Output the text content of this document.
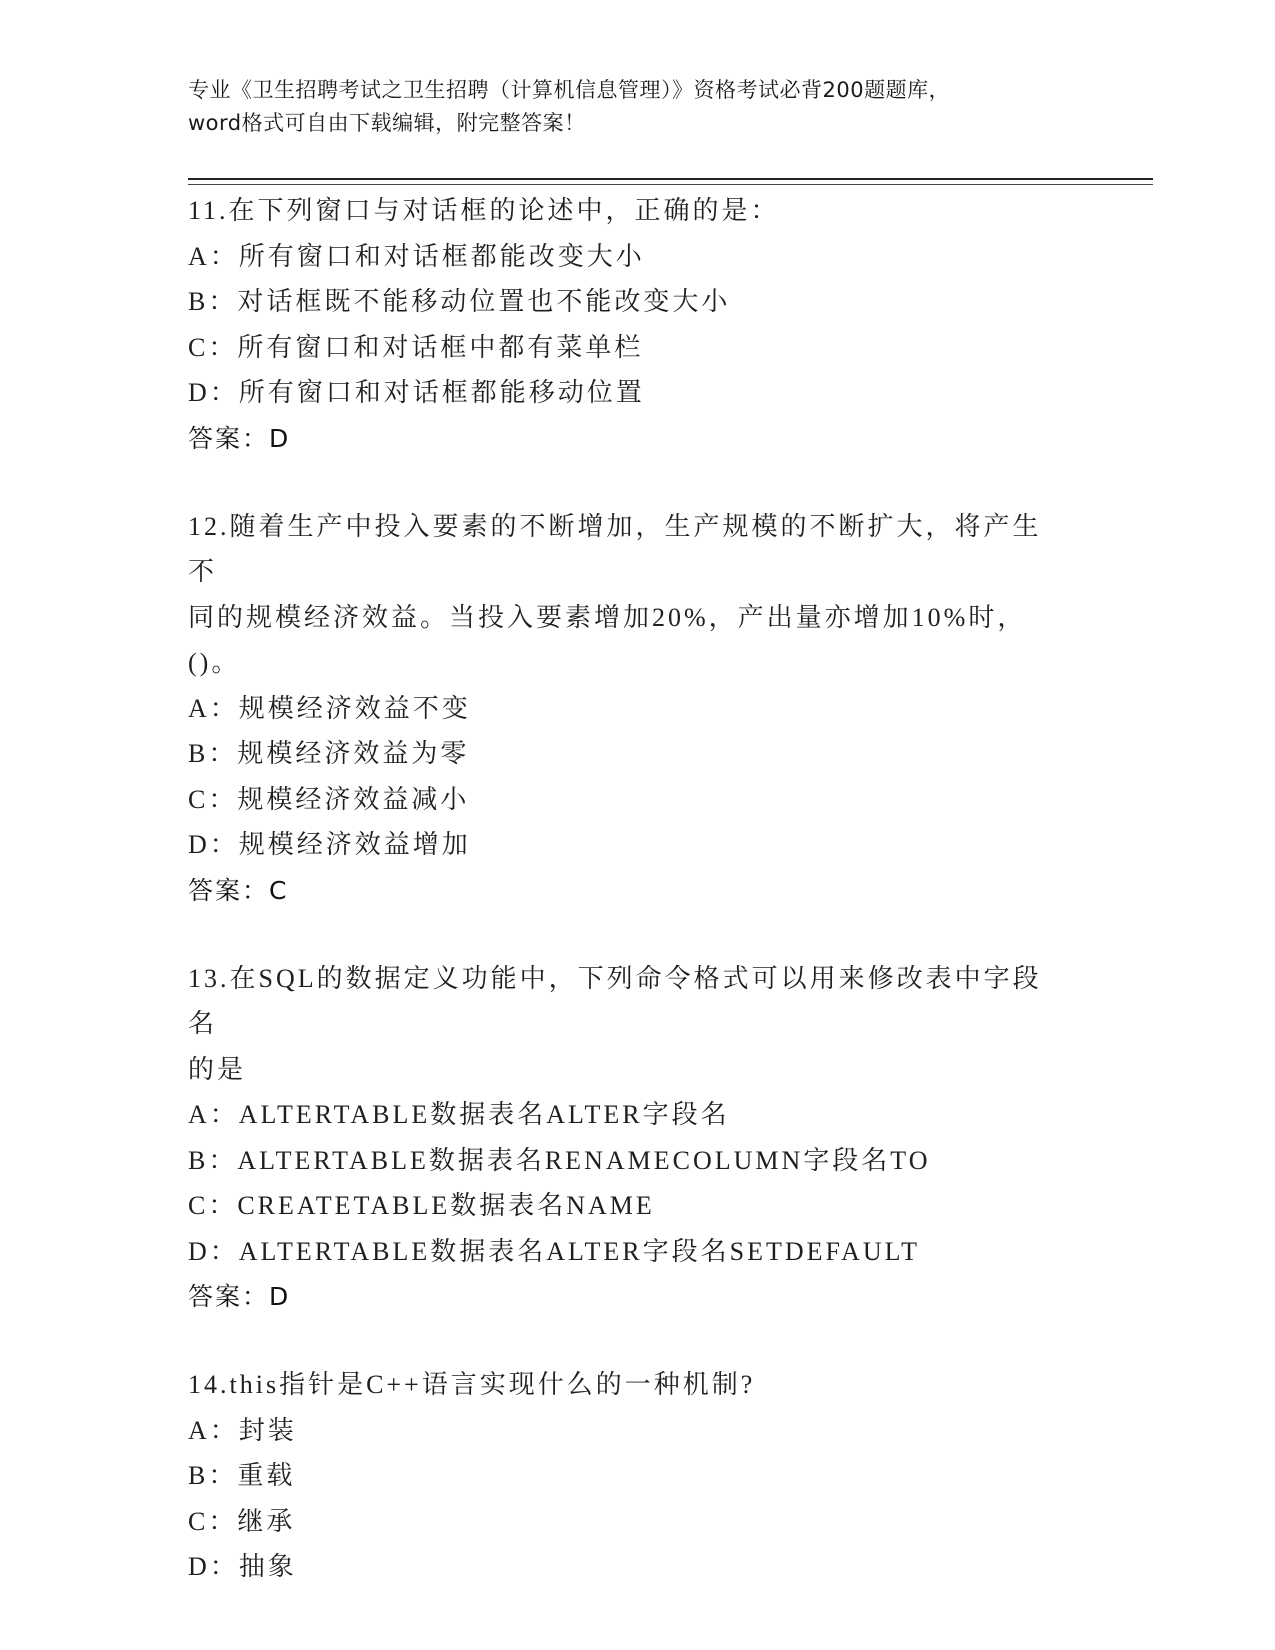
专业《卫生招聘考试之卫生招聘（计算机信息管理）》资格考试必背200题题库，
word格式可自由下载编辑，附完整答案！
11.在下列窗口与对话框的论述中，正确的是：
A：所有窗口和对话框都能改变大小
B：对话框既不能移动位置也不能改变大小
C：所有窗口和对话框中都有菜单栏
D：所有窗口和对话框都能移动位置
答案：D
12.随着生产中投入要素的不断增加，生产规模的不断扩大，将产生不
同的规模经济效益。当投入要素增加20%，产出量亦增加10%时，()。
A：规模经济效益不变
B：规模经济效益为零
C：规模经济效益减小
D：规模经济效益增加
答案：C
13.在SQL的数据定义功能中，下列命令格式可以用来修改表中字段名
的是
A：ALTERTABLE数据表名ALTER字段名
B：ALTERTABLE数据表名RENAMECOLUMN字段名TO
C：CREATETABLE数据表名NAME
D：ALTERTABLE数据表名ALTER字段名SETDEFAULT
答案：D
14.this指针是C++语言实现什么的一种机制?
A：封装
B：重载
C：继承
D：抽象
